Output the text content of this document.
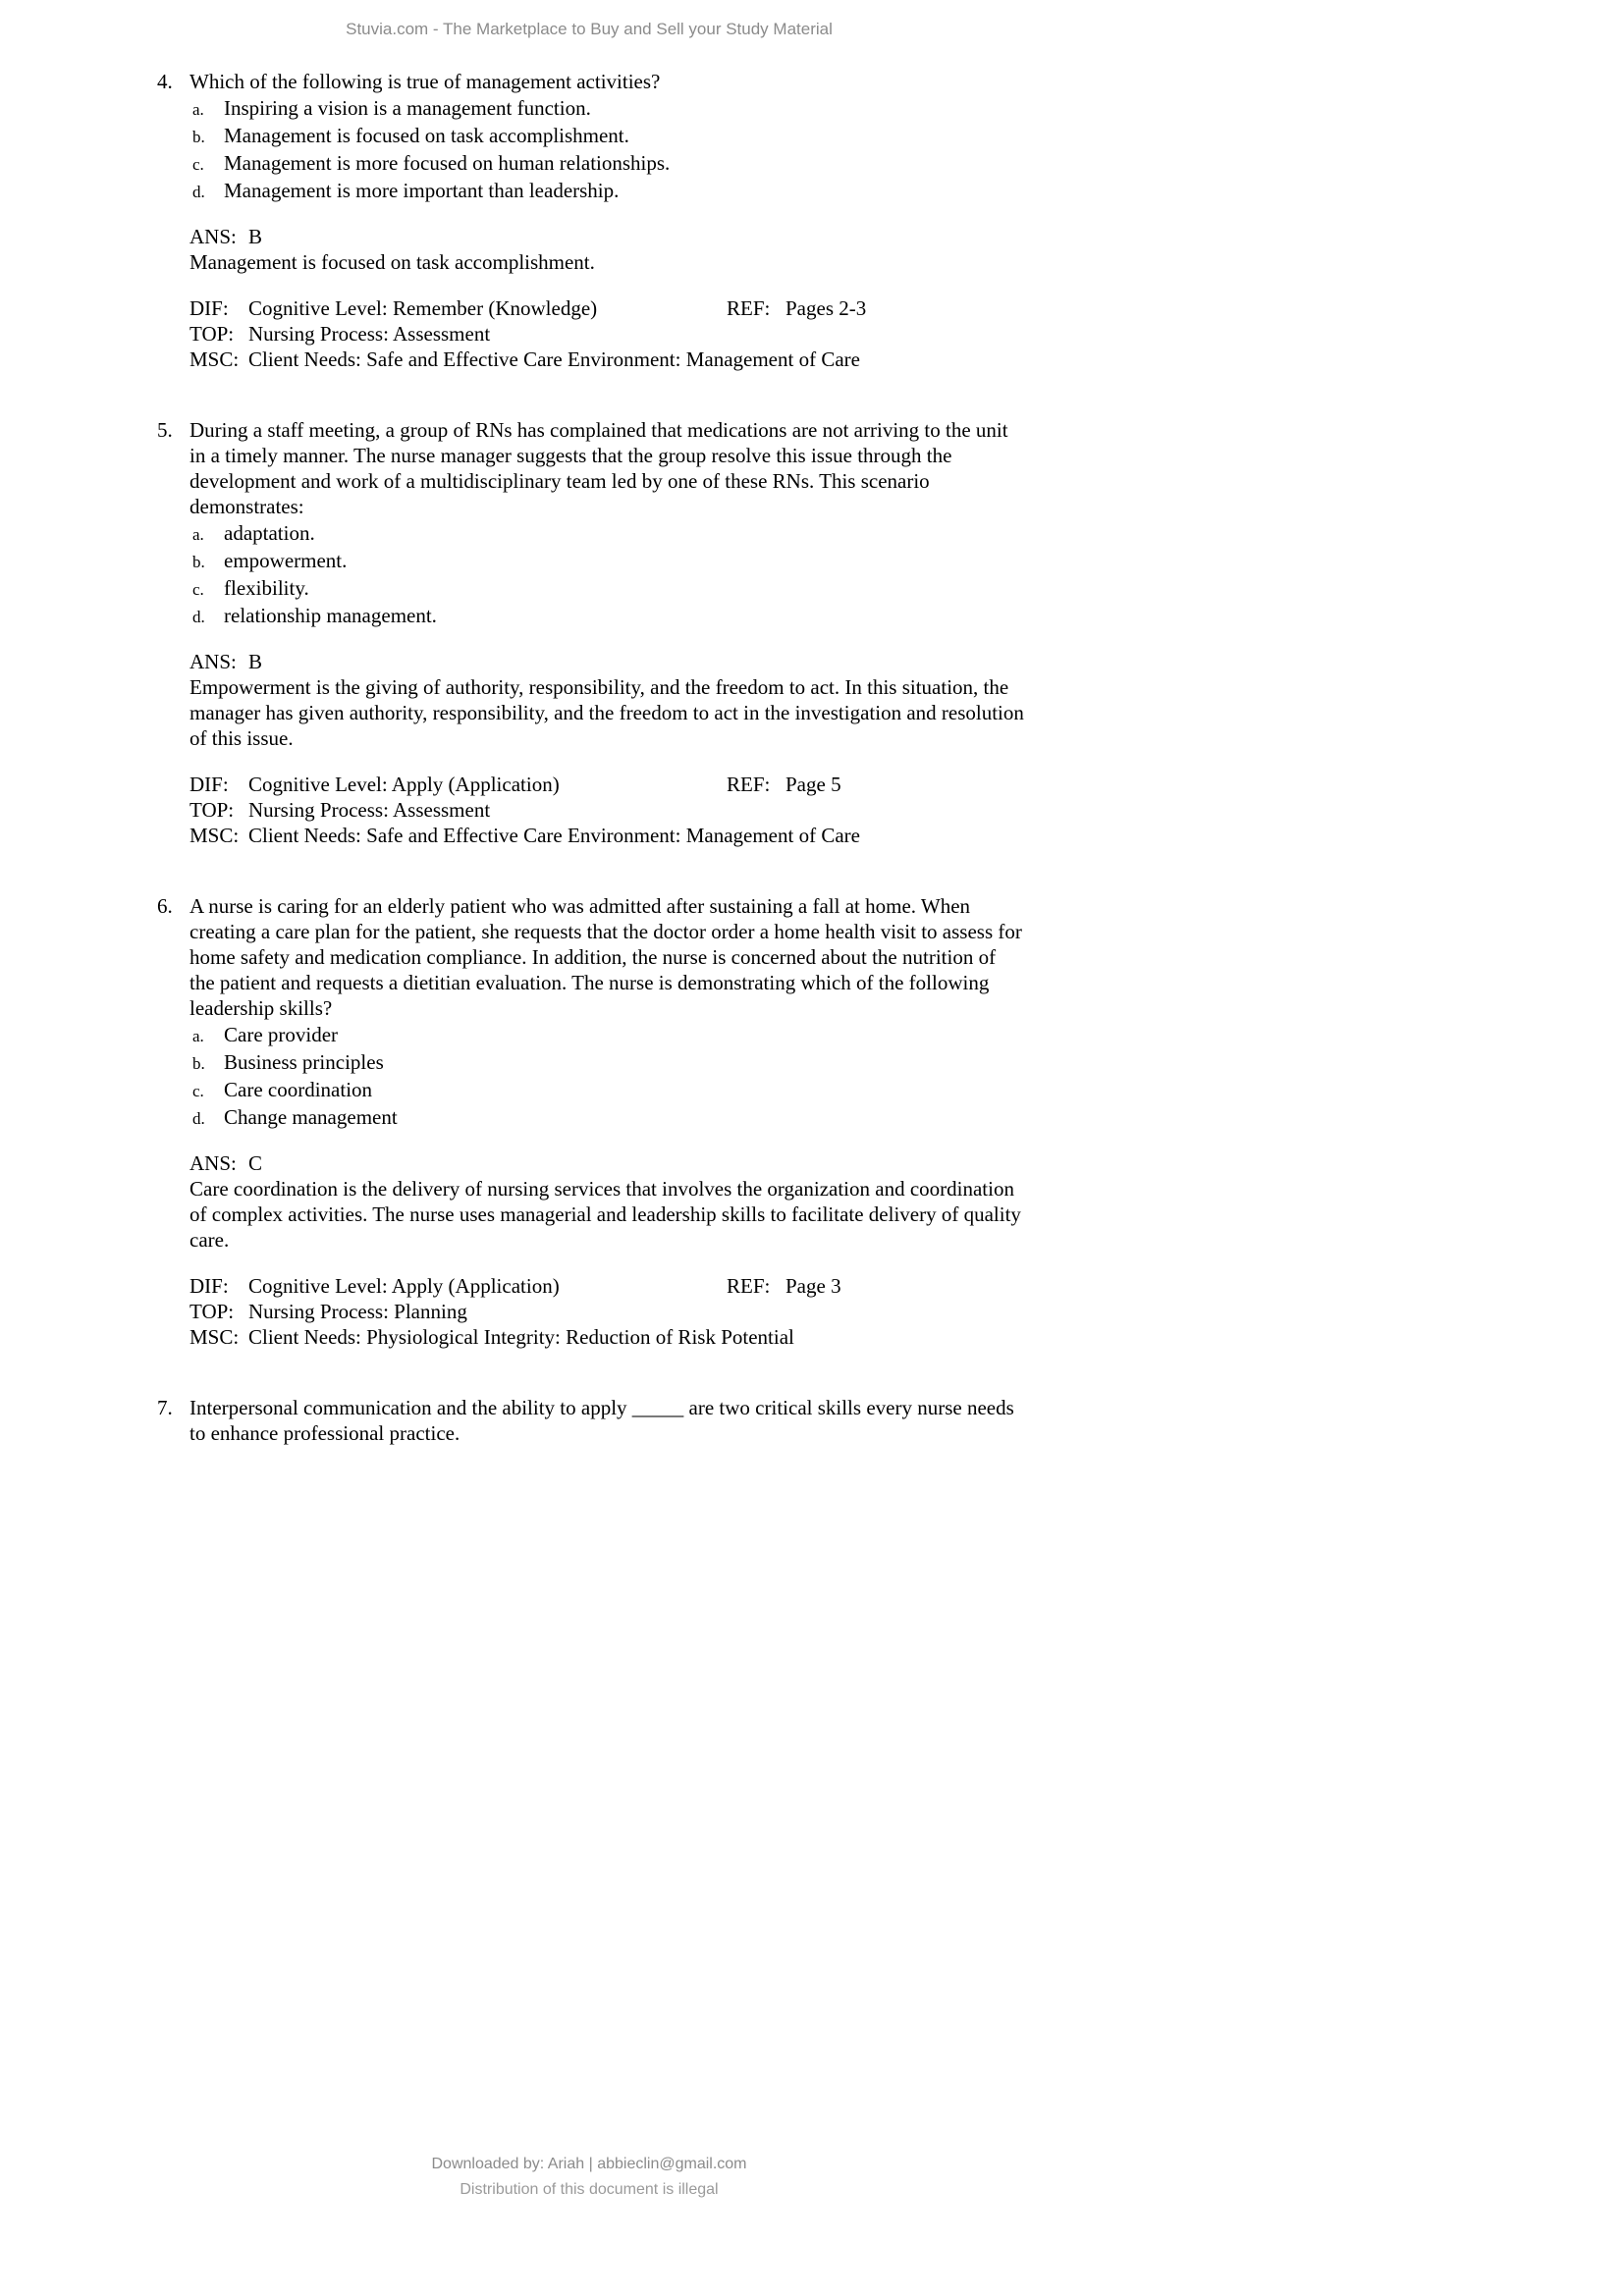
Stuvia.com - The Marketplace to Buy and Sell your Study Material
4. Which of the following is true of management activities?
a. Inspiring a vision is a management function.
b. Management is focused on task accomplishment.
c. Management is more focused on human relationships.
d. Management is more important than leadership.
ANS: B
Management is focused on task accomplishment.
DIF: Cognitive Level: Remember (Knowledge)	REF: Pages 2-3
TOP: Nursing Process: Assessment
MSC: Client Needs: Safe and Effective Care Environment: Management of Care
5. During a staff meeting, a group of RNs has complained that medications are not arriving to the unit in a timely manner. The nurse manager suggests that the group resolve this issue through the development and work of a multidisciplinary team led by one of these RNs. This scenario demonstrates:
a. adaptation.
b. empowerment.
c. flexibility.
d. relationship management.
ANS: B
Empowerment is the giving of authority, responsibility, and the freedom to act. In this situation, the manager has given authority, responsibility, and the freedom to act in the investigation and resolution of this issue.
DIF: Cognitive Level: Apply (Application)	REF: Page 5
TOP: Nursing Process: Assessment
MSC: Client Needs: Safe and Effective Care Environment: Management of Care
6. A nurse is caring for an elderly patient who was admitted after sustaining a fall at home. When creating a care plan for the patient, she requests that the doctor order a home health visit to assess for home safety and medication compliance. In addition, the nurse is concerned about the nutrition of the patient and requests a dietitian evaluation. The nurse is demonstrating which of the following leadership skills?
a. Care provider
b. Business principles
c. Care coordination
d. Change management
ANS: C
Care coordination is the delivery of nursing services that involves the organization and coordination of complex activities. The nurse uses managerial and leadership skills to facilitate delivery of quality care.
DIF: Cognitive Level: Apply (Application)	REF: Page 3
TOP: Nursing Process: Planning
MSC: Client Needs: Physiological Integrity: Reduction of Risk Potential
7. Interpersonal communication and the ability to apply _____ are two critical skills every nurse needs to enhance professional practice.
Downloaded by: Ariah | abbieclin@gmail.com
Distribution of this document is illegal
